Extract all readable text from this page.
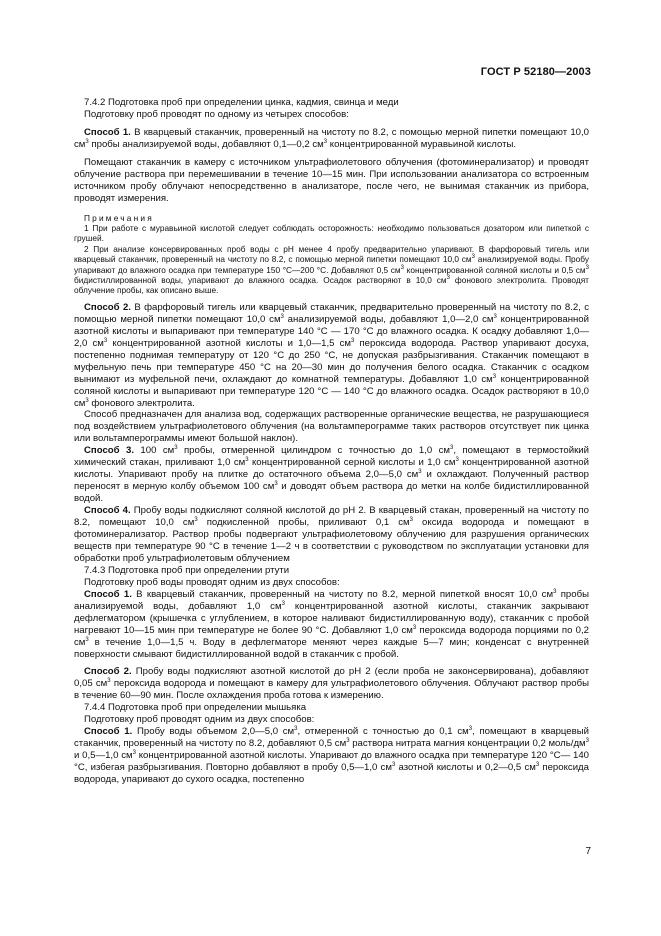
ГОСТ Р 52180—2003

7.4.2 Подготовка проб при определении цинка, кадмия, свинца и меди

Подготовку проб проводят по одному из четырех способов:

Способ 1. В кварцевый стаканчик, проверенный на чистоту по 8.2, с помощью мерной пипетки помещают 10,0 $см^3$ пробы анализируемой воды, добавляют 0,1—0,2 $см^3$ концентрированной муравьиной кислоты.

Помещают стаканчик в камеру с источником ультрафиолетового облучения (фотоминерализатор) и проводят облучение раствора при перемешивании в течение 10—15 мин. При использовании анализатора со встроенным источником пробу облучают непосредственно в анализаторе, после чего, не вынимая стаканчик из прибора, проводят измерения.

Примечания

1 При работе с муравьиной кислотой следует соблюдать осторожность: необходимо пользоваться дозатором или пипеткой с грушей.

2 При анализе консервированных проб воды с рН менее 4 пробу предварительно упаривают. В фарфоровый тигель или кварцевый стаканчик, проверенный на чистоту по 8.2, с помощью мерной пипетки помещают 10,0 $см^3$ анализируемой воды. Пробу упаривают до влажного осадка при температуре 150 °С—200 °С. Добавляют 0,5 $см^3$ концентрированной соляной кислоты и 0,5 $см^3$ бидистиллированной воды, упаривают до влажного осадка. Осадок растворяют в 10,0 $см^3$ фонового электролита. Проводят облучение пробы, как описано выше.

Способ 2. В фарфоровый тигель или кварцевый стаканчик, предварительно проверенный на чистоту по 8.2, с помощью мерной пипетки помещают 10,0 $см^3$ анализируемой воды, добавляют 1,0—2,0 $см^3$ концентрированной азотной кислоты и выпаривают при температуре 140 °С — 170 °С до влажного осадка. К осадку добавляют 1,0—2,0 $см^3$ концентрированной азотной кислоты и 1,0—1,5 $см^3$ пероксида водорода. Раствор упаривают досуха, постепенно поднимая температуру от 120 °С до 250 °С, не допуская разбрызгивания. Стаканчик помещают в муфельную печь при температуре 450 °С на 20—30 мин до получения белого осадка. Стаканчик с осадком вынимают из муфельной печи, охлаждают до комнатной температуры. Добавляют 1,0 $см^3$ концентрированной соляной кислоты и выпаривают при температуре 120 °С — 140 °С до влажного осадка. Осадок растворяют в 10,0 $см^3$ фонового электролита.

Способ предназначен для анализа вод, содержащих растворенные органические вещества, не разрушающиеся под воздействием ультрафиолетового облучения (на вольтамперограмме таких растворов отсутствует пик цинка или вольтамперограммы имеют большой наклон).

Способ 3. 100 $см^3$ пробы, отмеренной цилиндром с точностью до 1,0 $см^3$, помещают в термостойкий химический стакан, приливают 1,0 $см^3$ концентрированной серной кислоты и 1,0 $см^3$ концентрированной азотной кислоты. Упаривают пробу на плитке до остаточного объема 2,0—5,0 $см^3$ и охлаждают. Полученный раствор переносят в мерную колбу объемом 100 $см^3$ и доводят объем раствора до метки на колбе бидистиллированной водой.

Способ 4. Пробу воды подкисляют соляной кислотой до рН 2. В кварцевый стакан, проверенный на чистоту по 8.2, помещают 10,0 $см^3$ подкисленной пробы, приливают 0,1 $см^3$ оксида водорода и помещают в фотоминерализатор. Раствор пробы подвергают ультрафиолетовому облучению для разрушения органических веществ при температуре 90 °С в течение 1—2 ч в соответствии с руководством по эксплуатации установки для обработки проб ультрафиолетовым облучением

7.4.3 Подготовка проб при определении ртути

Подготовку проб воды проводят одним из двух способов:

Способ 1. В кварцевый стаканчик, проверенный на чистоту по 8.2, мерной пипеткой вносят 10,0 $см^3$ пробы анализируемой воды, добавляют 1,0 $см^3$ концентрированной азотной кислоты, стаканчик закрывают дефлегматором (крышечка с углублением, в которое наливают бидистиллированную воду), стаканчик с пробой нагревают 10—15 мин при температуре не более 90 °С. Добавляют 1,0 $см^3$ пероксида водорода порциями по 0,2 $см^3$ в течение 1,0—1,5 ч. Воду в дефлегматоре меняют через каждые 5—7 мин; конденсат с внутренней поверхности смывают бидистиллированной водой в стаканчик с пробой.

Способ 2. Пробу воды подкисляют азотной кислотой до рН 2 (если проба не законсервирована), добавляют 0,05 $см^3$ пероксида водорода и помещают в камеру для ультрафиолетового облучения. Облучают раствор пробы в течение 60—90 мин. После охлаждения проба готова к измерению.

7.4.4 Подготовка проб при определении мышьяка

Подготовку проб проводят одним из двух способов:

Способ 1. Пробу воды объемом 2,0—5,0 $см^3$, отмеренной с точностью до 0,1 $см^3$, помещают в кварцевый стаканчик, проверенный на чистоту по 8.2, добавляют 0,5 $см^3$ раствора нитрата магния концентрации 0,2 моль/$дм^3$ и 0,5—1,0 $см^3$ концентрированной азотной кислоты. Упаривают до влажного осадка при температуре 120 °С— 140 °С, избегая разбрызгивания. Повторно добавляют в пробу 0,5—1,0 $см^3$ азотной кислоты и 0,2—0,5 $см^3$ пероксида водорода, упаривают до сухого осадка, постепенно

7
